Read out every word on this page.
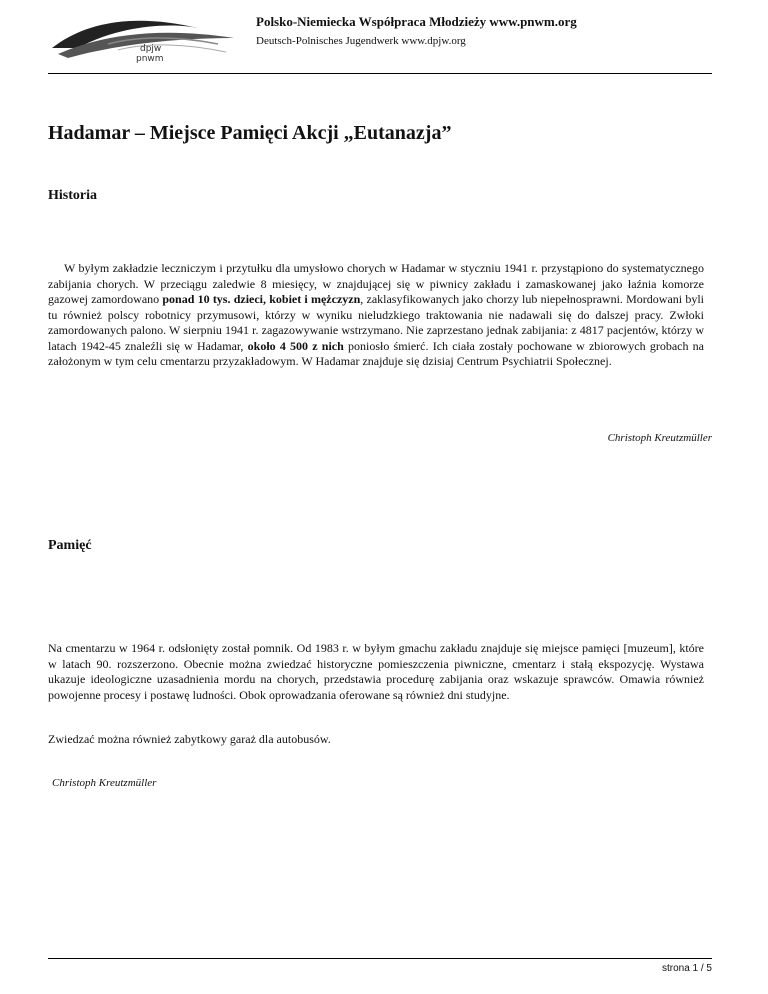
dpjw
pnwm
Polsko-Niemiecka Współpraca Młodzieży www.pnwm.org
Deutsch-Polnisches Jugendwerk www.dpjw.org
Hadamar – Miejsce Pamięci Akcji „Eutanazja”
Historia

W byłym zakładzie leczniczym i przytułku dla umysłowo chorych w Hadamar w styczniu 1941 r. przystąpiono do systematycznego zabijania chorych. W przeciągu zaledwie 8 miesięcy, w znajdującej się w piwnicy zakładu i zamaskowanej jako łaźnia komorze gazowej zamordowano ponad 10 tys. dzieci, kobiet i mężczyzn, zaklasyfikowanych jako chorzy lub niepełnosprawni. Mordowani byli tu również polscy robotnicy przymusowi, którzy w wyniku nieludzkiego traktowania nie nadawali się do dalszej pracy. Zwłoki zamordowanych palono. W sierpniu 1941 r. zagazowywanie wstrzymano. Nie zaprzestano jednak zabijania: z 4817 pacjentów, którzy w latach 1942-45 znaleźli się w Hadamar, około 4 500 z nich poniosło śmierć. Ich ciała zostały pochowane w zbiorowych grobach na założonym w tym celu cmentarzu przyzakładowym. W Hadamar znajduje się dzisiaj Centrum Psychiatrii Społecznej.

Christoph Kreutzmüller
Pamięć

Na cmentarzu w 1964 r. odsłonięty został pomnik. Od 1983 r. w byłym gmachu zakładu znajduje się miejsce pamięci [muzeum], które w latach 90. rozszerzono. Obecnie można zwiedzać historyczne pomieszczenia piwniczne, cmentarz i stałą ekspozycję. Wystawa ukazuje ideologiczne uzasadnienia mordu na chorych, przedstawia procedurę zabijania oraz wskazuje sprawców. Omawia również powojenne procesy i postawę ludności. Obok oprowadzania oferowane są również dni studyjne.

Zwiedzać można również zabytkowy garaż dla autobusów.

Christoph Kreutzmüller
strona 1 / 5
